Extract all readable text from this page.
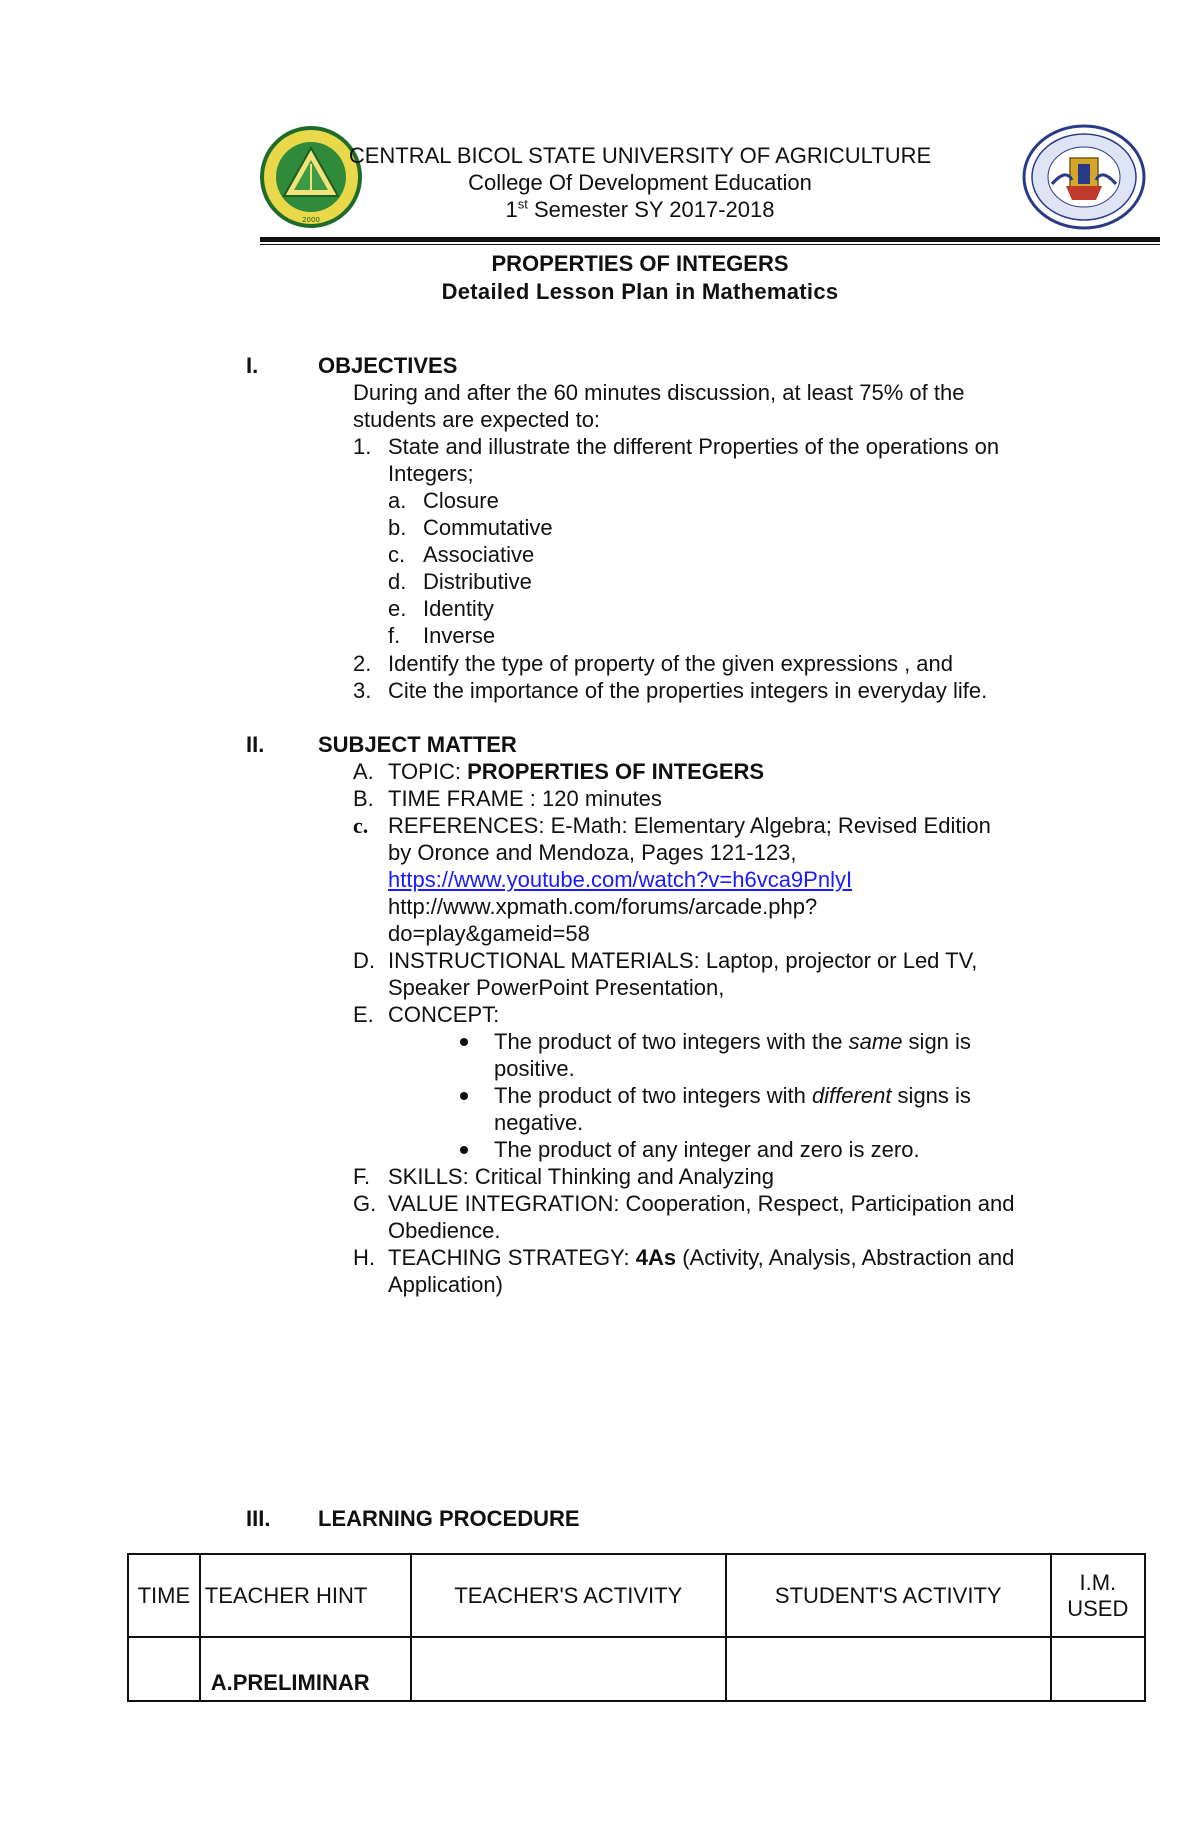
2000
CENTRAL BICOL STATE UNIVERSITY OF AGRICULTURE
College Of Development Education
1st Semester SY 2017-2018
PROPERTIES OF INTEGERS
Detailed Lesson Plan in Mathematics
I.	OBJECTIVES
During and after the 60 minutes discussion, at least 75% of the
students are expected to:
1. State and illustrate the different Properties of the operations on
Integers;
a. Closure
b. Commutative
c. Associative
d. Distributive
e. Identity
f. Inverse
2. Identify the type of property of the given expressions , and
3. Cite the importance of the properties integers in everyday life.
II. SUBJECT MATTER
A. TOPIC: PROPERTIES OF INTEGERS
B. TIME FRAME : 120 minutes
c. REFERENCES: E-Math: Elementary Algebra; Revised Edition
by Oronce and Mendoza, Pages 121-123,
https://www.youtube.com/watch?v=h6vca9PnlyI
http://www.xpmath.com/forums/arcade.php?
do=play&gameid=58
D. INSTRUCTIONAL MATERIALS: Laptop, projector or Led TV,
Speaker PowerPoint Presentation,
E. CONCEPT:
The product of two integers with the same sign is
positive.
The product of two integers with different signs is
negative.
The product of any integer and zero is zero.
F. SKILLS: Critical Thinking and Analyzing
G. VALUE INTEGRATION: Cooperation, Respect, Participation and
Obedience.
H. TEACHING STRATEGY: 4As (Activity, Analysis, Abstraction and
Application)
III. LEARNING PROCEDURE
TIME	TEACHER HINT	TEACHER'S ACTIVITY	STUDENT'S ACTIVITY	I.M. USED
	A.PRELIMINAR			
